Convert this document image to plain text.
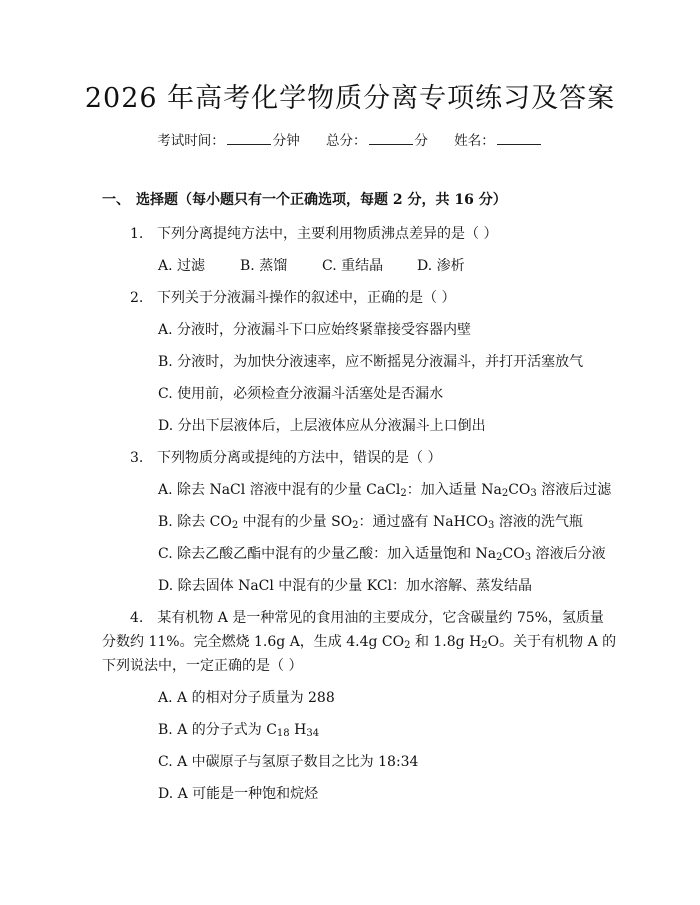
2026 年高考化学物质分离专项练习及答案
考试时间：	分钟 总分：	分 姓名：
一、 选择题（每小题只有一个正确选项，每题 2 分，共 16 分）
1. 下列分离提纯方法中，主要利用物质沸点差异的是（ ）
A. 过滤 B. 蒸馏 C. 重结晶 D. 渗析
2. 下列关于分液漏斗操作的叙述中，正确的是（ ）
A. 分液时，分液漏斗下口应始终紧靠接受容器内壁
B. 分液时，为加快分液速率，应不断摇晃分液漏斗，并打开活塞放气
C. 使用前，必须检查分液漏斗活塞处是否漏水
D. 分出下层液体后，上层液体应从分液漏斗上口倒出
3. 下列物质分离或提纯的方法中，错误的是（ ）
A. 除去 NaCl 溶液中混有的少量 CaCl$_2$：加入适量 $Na_2CO_3$ 溶液后过滤
B. 除去 $CO_2$ 中混有的少量 $SO_2$：通过盛有 NaHCO$_3$ 溶液的洗气瓶
C. 除去乙酸乙酯中混有的少量乙酸：加入适量饱和 $Na_2CO_3$ 溶液后分液
D. 除去固体 NaCl 中混有的少量 KCl：加水溶解、蒸发结晶
4.　某有机物 A 是一种常见的食用油的主要成分，它含碳量约 75%，氢质量
分数约 11%。完全燃烧 1.6g A，生成 4.4g $CO_2$ 和 1.8g $H_2O$。关于有机物 A 的
下列说法中，一定正确的是（ ）
A. A 的相对分子质量为 288
B. A 的分子式为 $C_{18}$ $H_{34}$
C. A 中碳原子与氢原子数目之比为 18:34
D. A 可能是一种饱和烷烃
